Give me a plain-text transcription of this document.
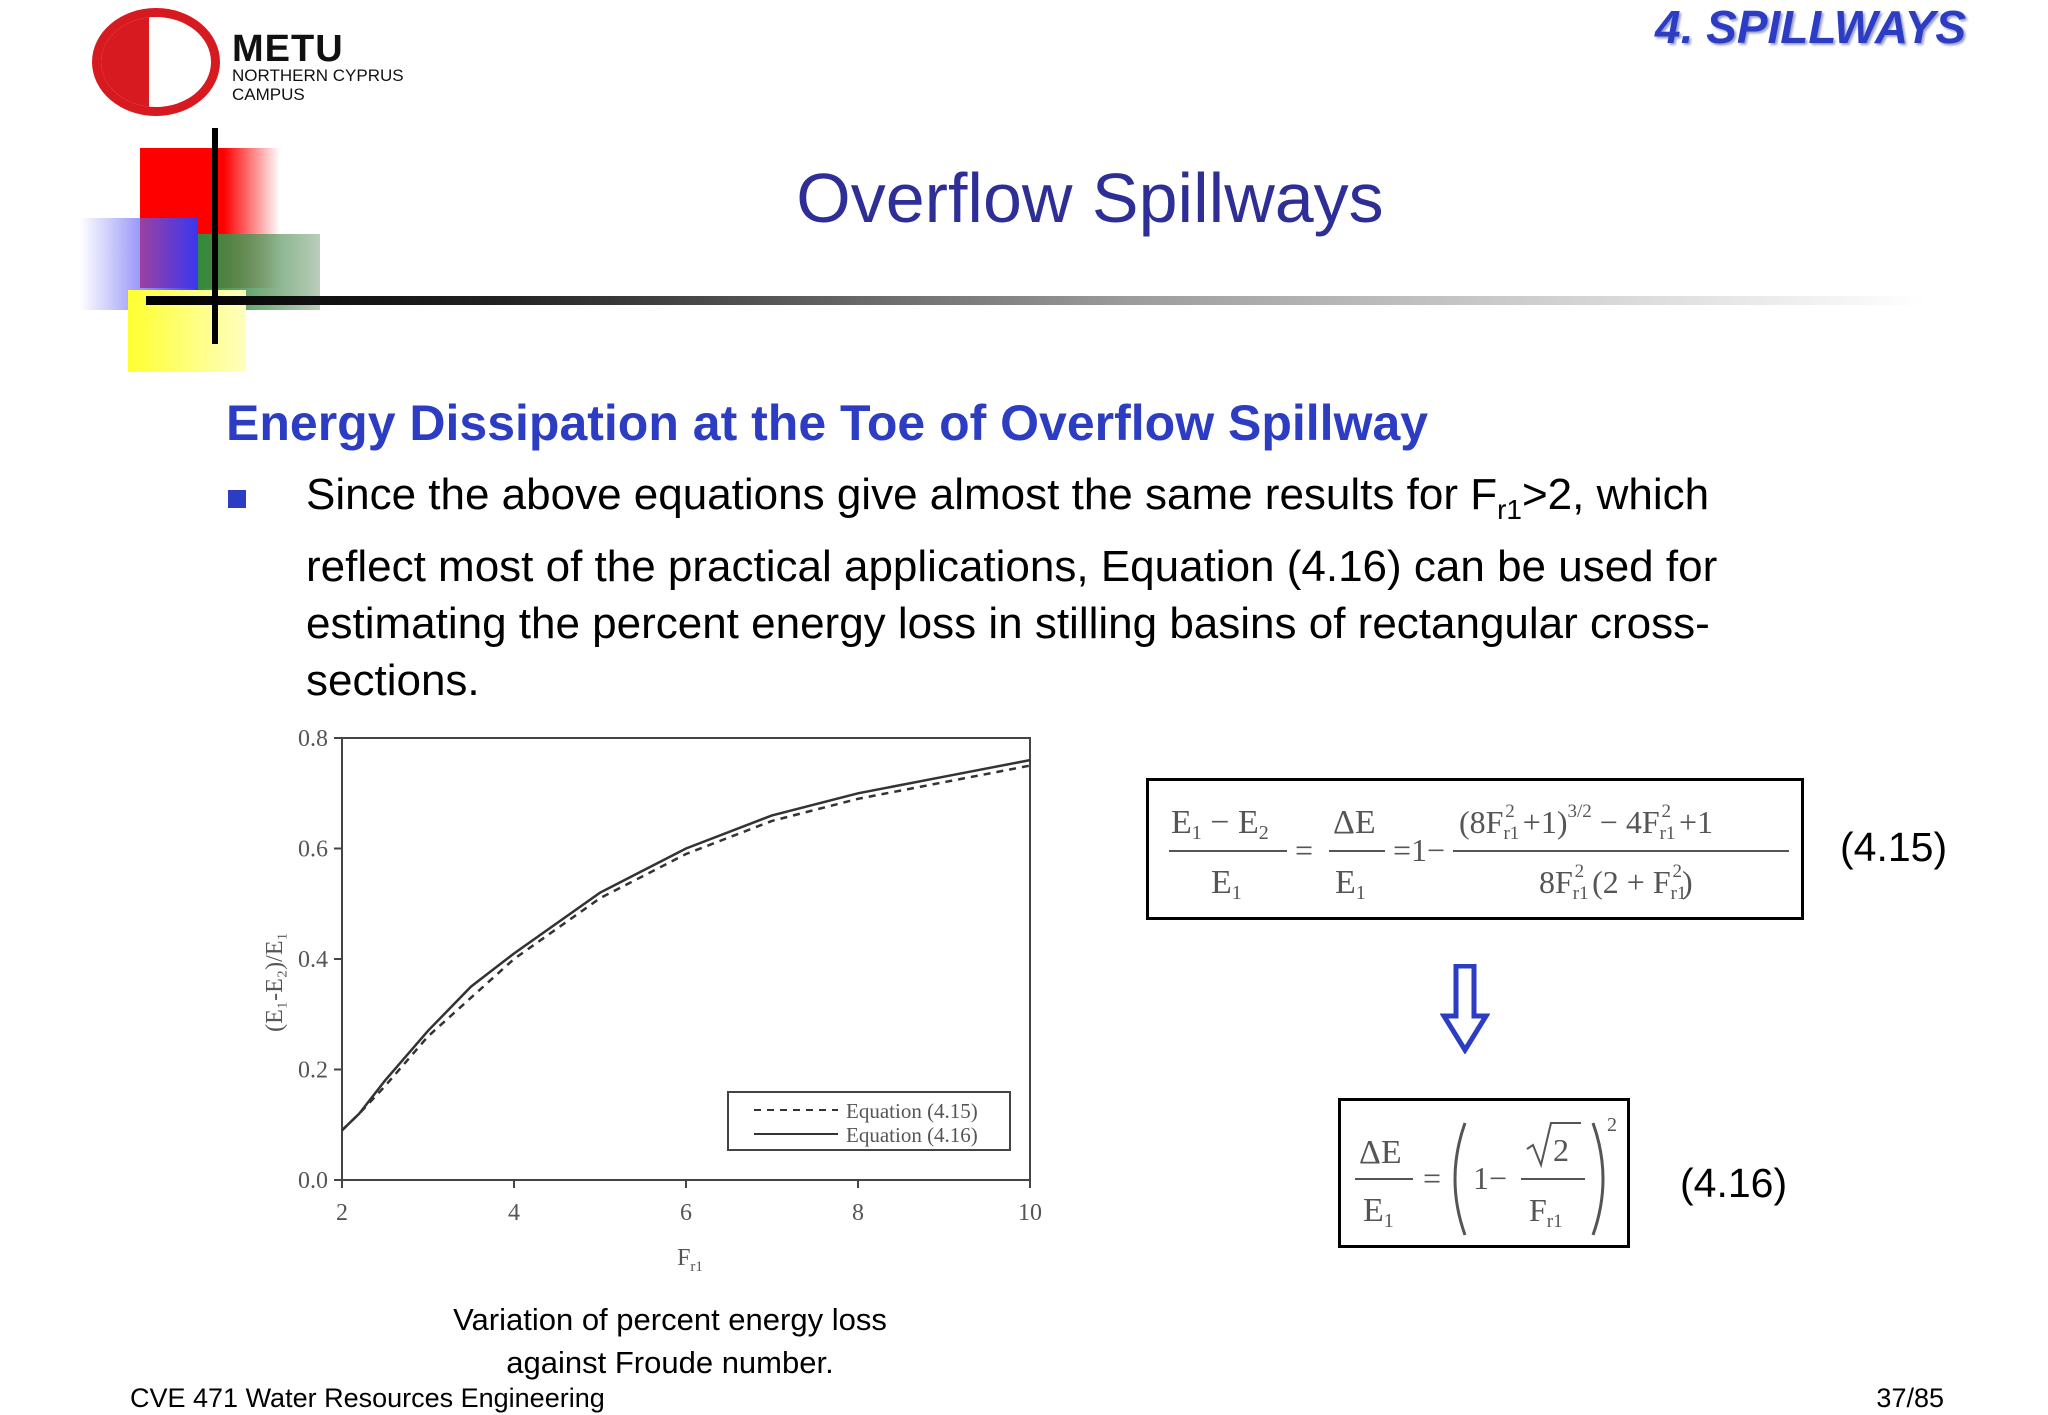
METU
NORTHERN CYPRUS
CAMPUS
4. SPILLWAYS
Overflow Spillways
Energy Dissipation at the Toe of Overflow Spillway
Since the above equations give almost the same results for $F_{r1}>2$, which reflect most of the practical applications, Equation (4.16) can be used for estimating the percent energy loss in stilling basins of rectangular cross-sections.
0.0
0.2
0.4
0.6
0.8
2	4	6	8	10
(E₁-E₂)/E₁
$F_{r1}$
Equation (4.15)
Equation (4.16)
Variation of percent energy loss
against Froude number.
E1 − E2
E1
=
ΔE
E1
=1−
$(8Fr12 +1)^{3/2} - 4Fr12 +1$
8Fr12 (2 + Fr12)
(4.15)
ΔE
E1
= 1−
2
Fr1
2
(4.16)
CVE 471 Water Resources Engineering	37/85
